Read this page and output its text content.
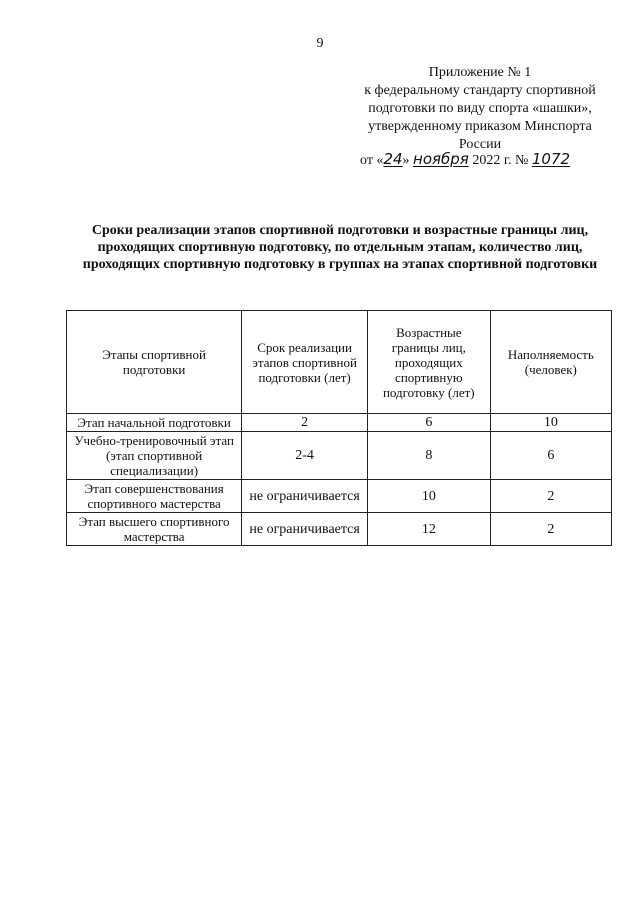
9
Приложение № 1
к федеральному стандарту спортивной
подготовки по виду спорта «шашки»,
утвержденному приказом Минспорта
России
от «24» ноября 2022 г. № 1072
Сроки реализации этапов спортивной подготовки и возрастные границы лиц, проходящих спортивную подготовку, по отдельным этапам, количество лиц, проходящих спортивную подготовку в группах на этапах спортивной подготовки
Этапы спортивной подготовки	Срок реализации этапов спортивной подготовки (лет)	Возрастные границы лиц, проходящих спортивную подготовку (лет)	Наполняемость (человек)
Этап начальной подготовки	2	6	10
Учебно-тренировочный этап (этап спортивной специализации)	2-4	8	6
Этап совершенствования спортивного мастерства	не ограничивается	10	2
Этап высшего спортивного мастерства	не ограничивается	12	2
